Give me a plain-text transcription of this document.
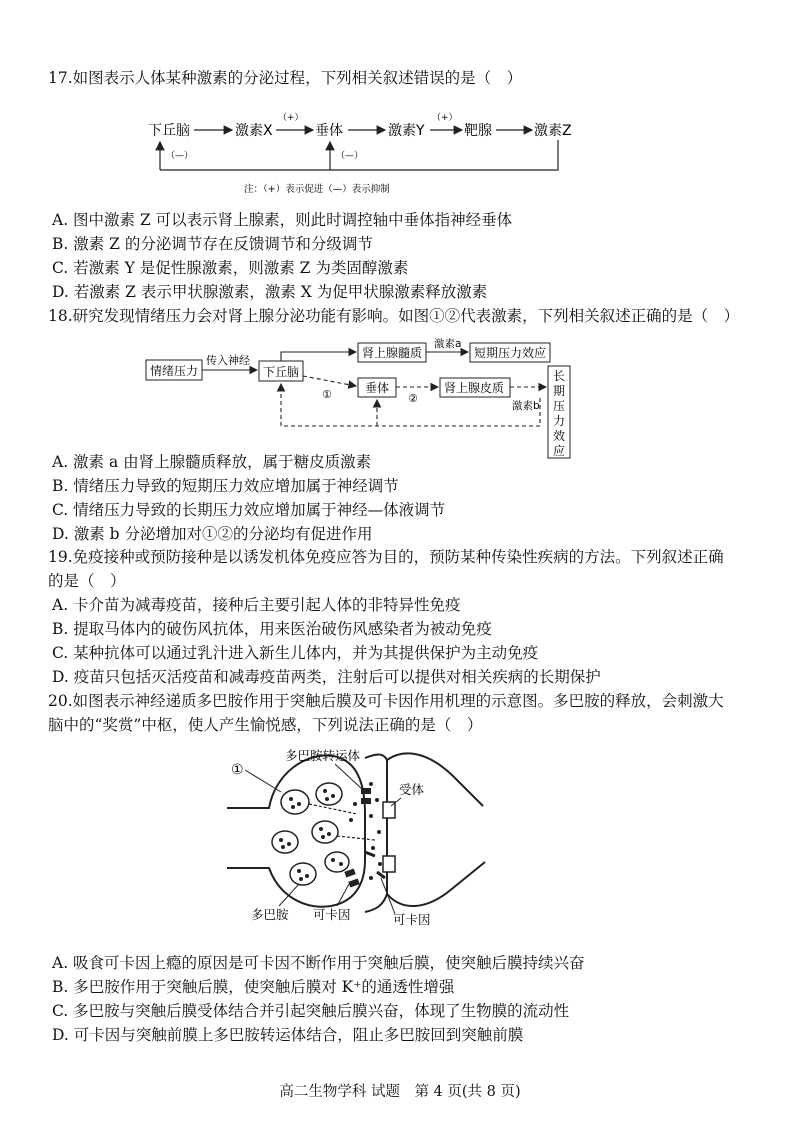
17.如图表示人体某种激素的分泌过程，下列相关叙述错误的是（　）
下丘脑	激素X
（+）
垂体	激素Y
（+）
靶腺	激素Z
（—）	（—）
注：（+）表示促进（—）表示抑制
A. 图中激素 Z 可以表示肾上腺素，则此时调控轴中垂体指神经垂体
B. 激素 Z 的分泌调节存在反馈调节和分级调节
C. 若激素 Y 是促性腺激素，则激素 Z 为类固醇激素
D. 若激素 Z 表示甲状腺激素，激素 X 为促甲状腺激素释放激素
18.研究发现情绪压力会对肾上腺分泌功能有影响。如图①②代表激素，下列相关叙述正确的是（　）
情绪压力
传入神经
下丘脑
肾上腺髓质
激素a
短期压力效应
①	垂体
②
肾上腺皮质
长
期
压
力
效
应
激素b
A. 激素 a 由肾上腺髓质释放，属于糖皮质激素
B. 情绪压力导致的短期压力效应增加属于神经调节
C. 情绪压力导致的长期压力效应增加属于神经—体液调节
D. 激素 b 分泌增加对①②的分泌均有促进作用
19.免疫接种或预防接种是以诱发机体免疫应答为目的，预防某种传染性疾病的方法。下列叙述正确
的是（　）
A. 卡介苗为减毒疫苗，接种后主要引起人体的非特异性免疫
B. 提取马体内的破伤风抗体，用来医治破伤风感染者为被动免疫
C. 某种抗体可以通过乳汁进入新生儿体内，并为其提供保护为主动免疫
D. 疫苗只包括灭活疫苗和减毒疫苗两类，注射后可以提供对相关疾病的长期保护
20.如图表示神经递质多巴胺作用于突触后膜及可卡因作用机理的示意图。多巴胺的释放，会刺激大
脑中的“奖赏”中枢，使人产生愉悦感，下列说法正确的是（　）
①
多巴胺转运体
受体
多巴胺 可卡因	可卡因
A. 吸食可卡因上瘾的原因是可卡因不断作用于突触后膜，使突触后膜持续兴奋
B. 多巴胺作用于突触后膜，使突触后膜对 K⁺的通透性增强
C. 多巴胺与突触后膜受体结合并引起突触后膜兴奋，体现了生物膜的流动性
D. 可卡因与突触前膜上多巴胺转运体结合，阻止多巴胺回到突触前膜
高二生物学科 试题　第 4 页(共 8 页)
